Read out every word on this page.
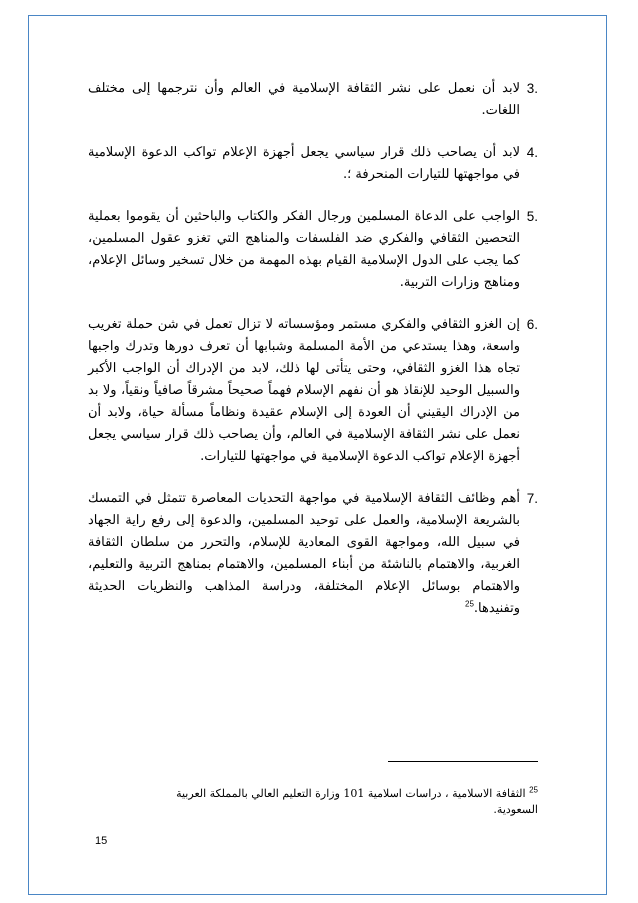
3.
لابد أن نعمل على نشر الثقافة الإسلامية في العالم وأن نترجمها إلى مختلف اللغات.
4.
لابد أن يصاحب ذلك قرار سياسي يجعل أجهزة الإعلام تواكب الدعوة الإسلامية في مواجهتها للتيارات المنحرفة ؛.
5.
الواجب على الدعاة المسلمين ورجال الفكر والكتاب والباحثين أن يقوموا بعملية التحصين الثقافي والفكري ضد الفلسفات والمناهج التي تغزو عقول المسلمين، كما يجب على الدول الإسلامية القيام بهذه المهمة من خلال تسخير وسائل الإعلام، ومناهج وزارات التربية.
6.
إن الغزو الثقافي والفكري مستمر ومؤسساته لا تزال تعمل في شن حملة تغريب واسعة، وهذا يستدعي من الأمة المسلمة وشبابها أن تعرف دورها وتدرك واجبها تجاه هذا الغزو الثقافي، وحتى يتأتى لها ذلك، لابد من الإدراك أن الواجب الأكبر والسبيل الوحيد للإنقاذ هو أن نفهم الإسلام فهماً صحيحاً مشرقاً صافياً ونقياً، ولا بد من الإدراك اليقيني أن العودة إلى الإسلام عقيدة ونظاماً مسألة حياة، ولابد أن نعمل على نشر الثقافة الإسلامية في العالم، وأن يصاحب ذلك قرار سياسي يجعل أجهزة الإعلام تواكب الدعوة الإسلامية في مواجهتها للتيارات.
7.
أهم وظائف الثقافة الإسلامية في مواجهة التحديات المعاصرة تتمثل في التمسك بالشريعة الإسلامية، والعمل على توحيد المسلمين، والدعوة إلى رفع راية الجهاد في سبيل الله، ومواجهة القوى المعادية للإسلام، والتحرر من سلطان الثقافة الغربية، والاهتمام بالناشئة من أبناء المسلمين، والاهتمام بمناهج التربية والتعليم، والاهتمام بوسائل الإعلام المختلفة، ودراسة المذاهب والنظريات الحديثة وتفنيدها.$^{25}$
$^{25}$ الثقافة الاسلامية ، دراسات اسلامية 101 وزارة التعليم العالي بالمملكة العربية السعودية.
15
